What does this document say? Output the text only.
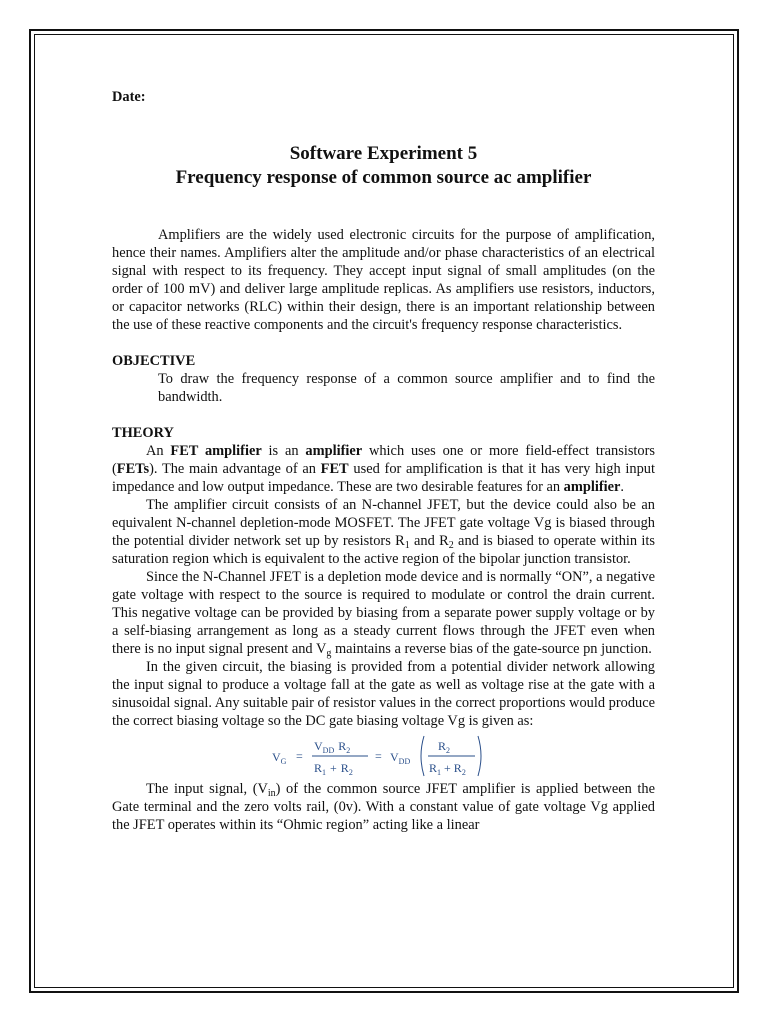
Date:

Software Experiment 5
Frequency response of common source ac amplifier

Amplifiers are the widely used electronic circuits for the purpose of amplification, hence their names. Amplifiers alter the amplitude and/or phase characteristics of an electrical signal with respect to its frequency. They accept input signal of small amplitudes (on the order of 100 mV) and deliver large amplitude replicas. As amplifiers use resistors, inductors, or capacitor networks (RLC) within their design, there is an important relationship between the use of these reactive components and the circuit's frequency response characteristics.

OBJECTIVE

To draw the frequency response of a common source amplifier and to find the bandwidth.

THEORY

An FET amplifier is an amplifier which uses one or more field-effect transistors (FETs). The main advantage of an FET used for amplification is that it has very high input impedance and low output impedance. These are two desirable features for an amplifier.

The amplifier circuit consists of an N-channel JFET, but the device could also be an equivalent N-channel depletion-mode MOSFET. The JFET gate voltage Vg is biased through the potential divider network set up by resistors $R_1$ and $R_2$ and is biased to operate within its saturation region which is equivalent to the active region of the bipolar junction transistor.

Since the N-Channel JFET is a depletion mode device and is normally “ON”, a negative gate voltage with respect to the source is required to modulate or control the drain current. This negative voltage can be provided by biasing from a separate power supply voltage or by a self-biasing arrangement as long as a steady current flows through the JFET even when there is no input signal present and $V_g$ maintains a reverse bias of the gate-source pn junction.

In the given circuit, the biasing is provided from a potential divider network allowing the input signal to produce a voltage fall at the gate as well as voltage rise at the gate with a sinusoidal signal. Any suitable pair of resistor values in the correct proportions would produce the correct biasing voltage so the DC gate biasing voltage Vg is given as:

$V_G$ =
$V_{DD}$ $R_2$
$R_1 + R_2$
= $V_{DD}$
$R_2$
$R_1 + R_2$

The input signal, $(V_{in})$ of the common source JFET amplifier is applied between the Gate terminal and the zero volts rail, (0v). With a constant value of gate voltage Vg applied the JFET operates within its “Ohmic region” acting like a linear
